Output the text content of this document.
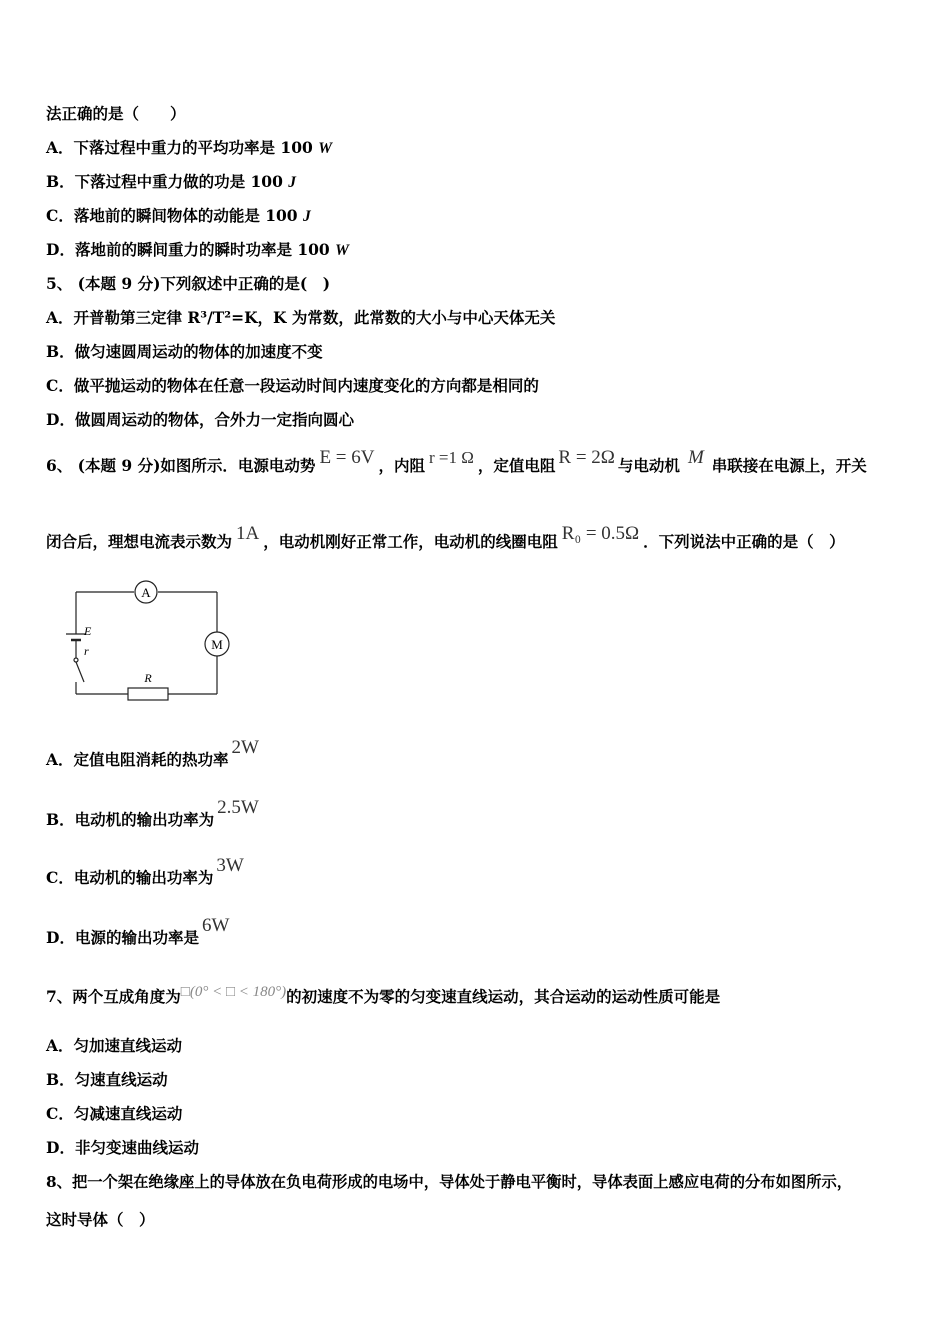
法正确的是（　　）
A．下落过程中重力的平均功率是 100 W
B．下落过程中重力做的功是 100 J
C．落地前的瞬间物体的动能是 100 J
D．落地前的瞬间重力的瞬时功率是 100 W
5、 (本题 9 分)下列叙述中正确的是(　)
A．开普勒第三定律 R³/T²=K，K 为常数，此常数的大小与中心天体无关
B．做匀速圆周运动的物体的加速度不变
C．做平抛运动的物体在任意一段运动时间内速度变化的方向都是相同的
D．做圆周运动的物体，合外力一定指向圆心
6、 (本题 9 分)如图所示．电源电动势 E = 6V ，内阻 r =1 Ω ，定值电阻 R = 2Ω 与电动机 M 串联接在电源上，开关
闭合后，理想电流表示数为 1A ，电动机刚好正常工作，电动机的线圈电阻 R₀ = 0.5Ω ．下列说法中正确的是（　）
A
M
R
E
r
A．定值电阻消耗的热功率2W
B．电动机的输出功率为2.5W
C．电动机的输出功率为3W
D．电源的输出功率是6W
7、两个互成角度为□(0° < □ < 180°)的初速度不为零的匀变速直线运动，其合运动的运动性质可能是
A．匀加速直线运动
B．匀速直线运动
C．匀减速直线运动
D．非匀变速曲线运动
8、把一个架在绝缘座上的导体放在负电荷形成的电场中，导体处于静电平衡时，导体表面上感应电荷的分布如图所示，
这时导体（　）
